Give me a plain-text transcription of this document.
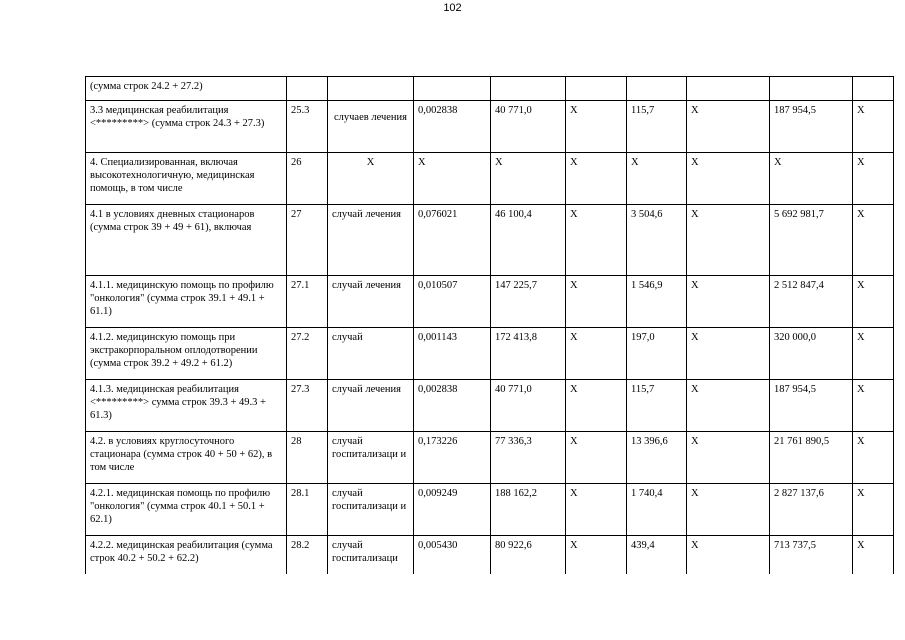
102
(сумма строк 24.2 + 27.2)									
3.3 медицинская реабилитация <*********> (сумма строк 24.3 + 27.3)	25.3	случаев лечения	0,002838	40 771,0	X	115,7	X	187 954,5	X
4. Специализированная, включая высокотехнологичную, медицинская помощь, в том числе	26	X	X	X	X	X	X	X	X
4.1 в условиях дневных стационаров (сумма строк 39 + 49 + 61), включая	27	случай лечения	0,076021	46 100,4	X	3 504,6	X	5 692 981,7	X
4.1.1. медицинскую помощь по профилю "онкология" (сумма строк 39.1 + 49.1 + 61.1)	27.1	случай лечения	0,010507	147 225,7	X	1 546,9	X	2 512 847,4	X
4.1.2. медицинскую помощь при экстракорпоральном оплодотворении (сумма строк 39.2 + 49.2 + 61.2)	27.2	случай	0,001143	172 413,8	X	197,0	X	320 000,0	X
4.1.3. медицинская реабилитация <*********> сумма строк 39.3 + 49.3 + 61.3)	27.3	случай лечения	0,002838	40 771,0	X	115,7	X	187 954,5	X
4.2. в условиях круглосуточного стационара (сумма строк 40 + 50 + 62), в том числе	28	случай госпитализаци и	0,173226	77 336,3	X	13 396,6	X	21 761 890,5	X
4.2.1. медицинская помощь по профилю "онкология" (сумма строк 40.1 + 50.1 + 62.1)	28.1	случай госпитализаци и	0,009249	188 162,2	X	1 740,4	X	2 827 137,6	X
4.2.2. медицинская реабилитация (сумма строк 40.2 + 50.2 + 62.2)	28.2	случай госпитализаци	0,005430	80 922,6	X	439,4	X	713 737,5	X
